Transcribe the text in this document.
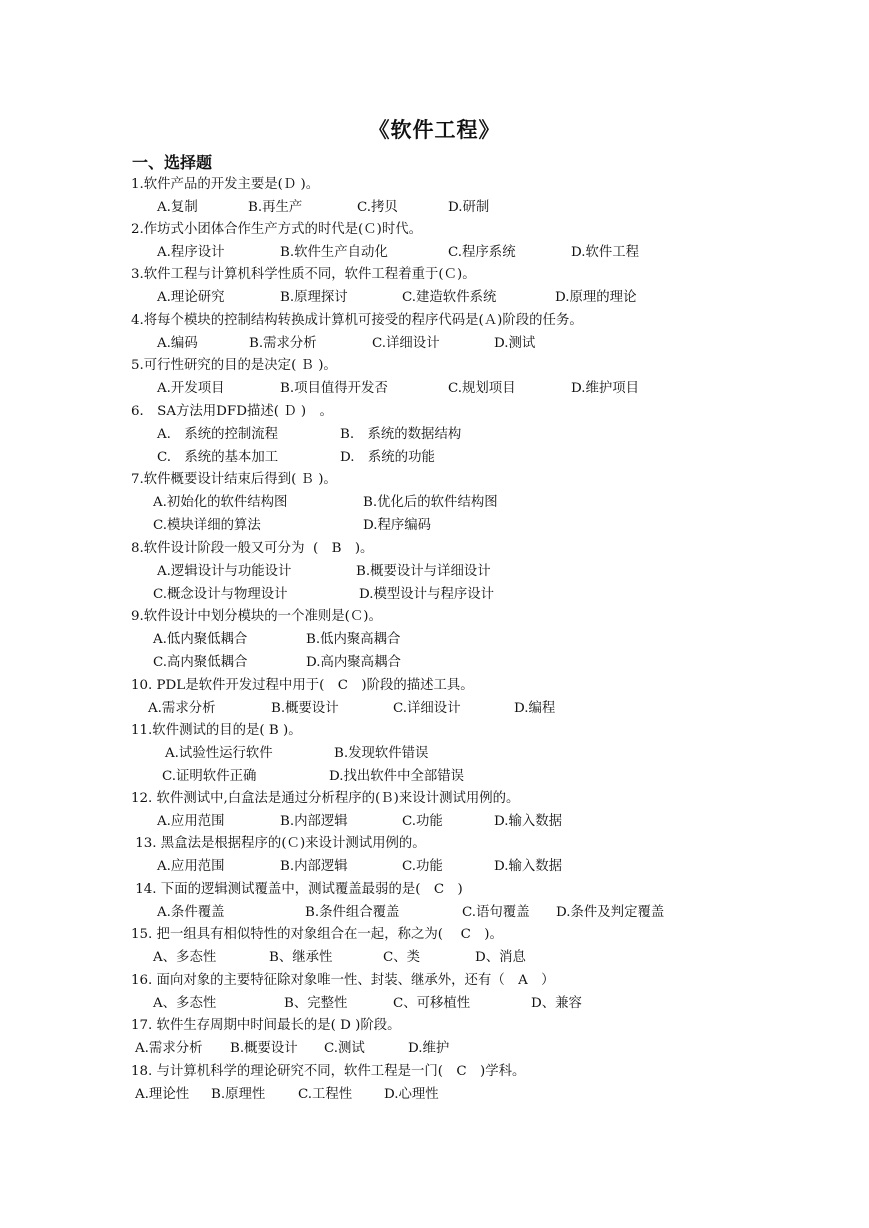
《软件工程》
一、选择题
1.软件产品的开发主要是(Ｄ )。
A.复制	B.再生产	C.拷贝	D.研制
2.作坊式小团体合作生产方式的时代是(Ｃ)时代。
A.程序设计	B.软件生产自动化	C.程序系统	D.软件工程
3.软件工程与计算机科学性质不同，软件工程着重于(Ｃ)。
A.理论研究	B.原理探讨	C.建造软件系统	D.原理的理论
4.将每个模块的控制结构转换成计算机可接受的程序代码是(Ａ)阶段的任务。
A.编码	B.需求分析	C.详细设计	D.测试
5.可行性研究的目的是决定( Ｂ )。
A.开发项目	B.项目值得开发否	C.规划项目	D.维护项目
6． SA方法用DFD描述( Ｄ )　。
A.　系统的控制流程	B.　系统的数据结构
C.　系统的基本加工	D.　系统的功能
7.软件概要设计结束后得到( Ｂ )。
A.初始化的软件结构图	B.优化后的软件结构图
C.模块详细的算法	D.程序编码
8.软件设计阶段一般又可分为  (　B　)。
A.逻辑设计与功能设计	B.概要设计与详细设计
C.概念设计与物理设计	D.模型设计与程序设计
9.软件设计中划分模块的一个准则是(Ｃ)。
A.低内聚低耦合	B.低内聚高耦合
C.高内聚低耦合	D.高内聚高耦合
10. PDL是软件开发过程中用于(　C　)阶段的描述工具。
A.需求分析	B.概要设计	C.详细设计	D.编程
11.软件测试的目的是( B )。
A.试验性运行软件	B.发现软件错误
C.证明软件正确	D.找出软件中全部错误
12. 软件测试中,白盒法是通过分析程序的(Ｂ)来设计测试用例的。
A.应用范围	B.内部逻辑	C.功能	D.输入数据
13. 黑盒法是根据程序的(Ｃ)来设计测试用例的。
A.应用范围	B.内部逻辑	C.功能	D.输入数据
14. 下面的逻辑测试覆盖中，测试覆盖最弱的是(　C　)
A.条件覆盖	B.条件组合覆盖	C.语句覆盖 D.条件及判定覆盖
15. 把一组具有相似特性的对象组合在一起，称之为(　 C　)。
A、多态性	B、继承性	C、类	D、消息
16. 面向对象的主要特征除对象唯一性、封装、继承外，还有（　A　）
A、多态性	B、完整性	C、可移植性	D、兼容
17. 软件生存周期中时间最长的是( D )阶段。
A.需求分析 B.概要设计 C.测试	D.维护
18. 与计算机科学的理论研究不同，软件工程是一门(　C　)学科。
A.理论性 B.原理性 C.工程性 D.心理性
